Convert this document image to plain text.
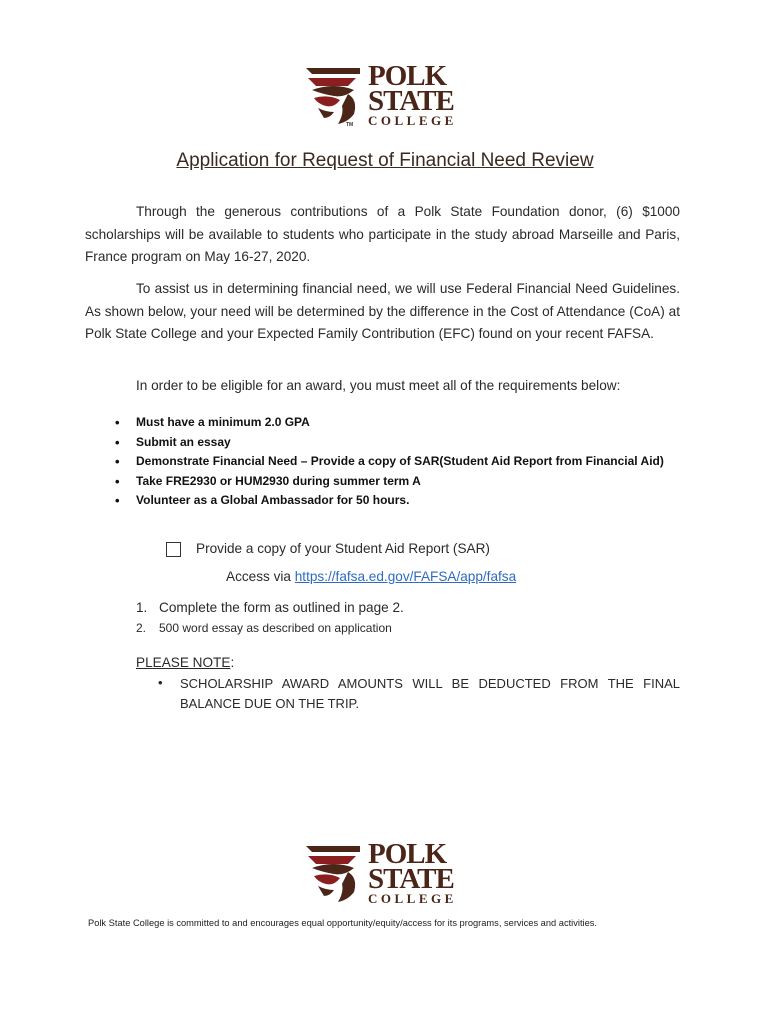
POLK
STATE
COLLEGE
TM
Application for Request of Financial Need Review
Through the generous contributions of a Polk State Foundation donor, (6) $1000 scholarships will be available to students who participate in the study abroad Marseille and Paris, France program on May 16-27, 2020.
To assist us in determining financial need, we will use Federal Financial Need Guidelines. As shown below, your need will be determined by the difference in the Cost of Attendance (CoA) at Polk State College and your Expected Family Contribution (EFC) found on your recent FAFSA.
In order to be eligible for an award, you must meet all of the requirements below:
• Must have a minimum 2.0 GPA
• Submit an essay
• Demonstrate Financial Need – Provide a copy of SAR(Student Aid Report from Financial Aid)
• Take FRE2930 or HUM2930 during summer term A
• Volunteer as a Global Ambassador for 50 hours.
Provide a copy of your Student Aid Report (SAR)
Access via https://fafsa.ed.gov/FAFSA/app/fafsa
1. Complete the form as outlined in page 2.
2. 500 word essay as described on application
PLEASE NOTE:
• SCHOLARSHIP AWARD AMOUNTS WILL BE DEDUCTED FROM THE FINAL BALANCE DUE ON THE TRIP.
POLK
STATE
COLLEGE
Polk State College is committed to and encourages equal opportunity/equity/access for its programs, services and activities.
